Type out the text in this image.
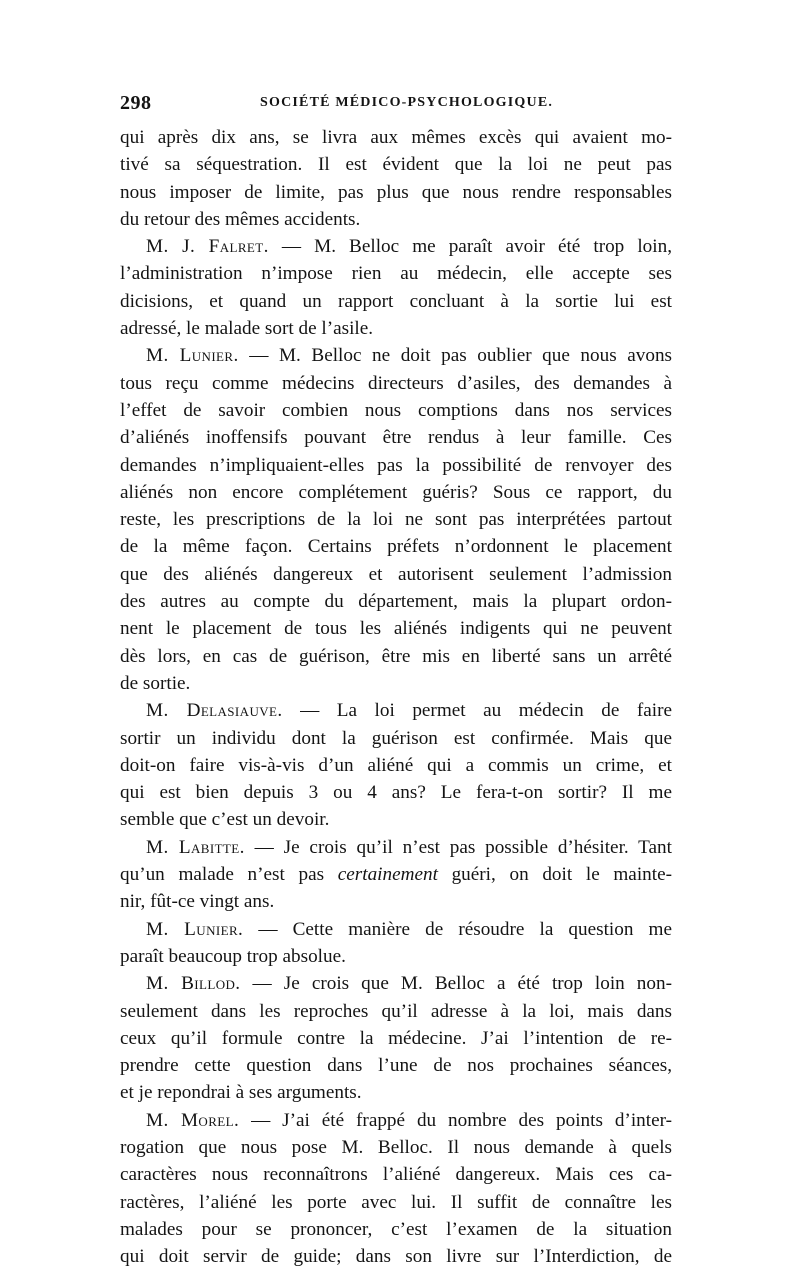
298	SOCIÉTÉ MÉDICO-PSYCHOLOGIQUE.
qui après dix ans, se livra aux mêmes excès qui avaient mo-
tivé sa séquestration. Il est évident que la loi ne peut pas
nous imposer de limite, pas plus que nous rendre responsables
du retour des mêmes accidents.
M. J. Falret. — M. Belloc me paraît avoir été trop loin,
l’administration n’impose rien au médecin, elle accepte ses
dicisions, et quand un rapport concluant à la sortie lui est
adressé, le malade sort de l’asile.
M. Lunier. — M. Belloc ne doit pas oublier que nous avons
tous reçu comme médecins directeurs d’asiles, des demandes à
l’effet de savoir combien nous comptions dans nos services
d’aliénés inoffensifs pouvant être rendus à leur famille. Ces
demandes n’impliquaient-elles pas la possibilité de renvoyer des
aliénés non encore complétement guéris? Sous ce rapport, du
reste, les prescriptions de la loi ne sont pas interprétées partout
de la même façon. Certains préfets n’ordonnent le placement
que des aliénés dangereux et autorisent seulement l’admission
des autres au compte du département, mais la plupart ordon-
nent le placement de tous les aliénés indigents qui ne peuvent
dès lors, en cas de guérison, être mis en liberté sans un arrêté
de sortie.
M. Delasiauve. — La loi permet au médecin de faire
sortir un individu dont la guérison est confirmée. Mais que
doit-on faire vis-à-vis d’un aliéné qui a commis un crime, et
qui est bien depuis 3 ou 4 ans? Le fera-t-on sortir? Il me
semble que c’est un devoir.
M. Labitte. — Je crois qu’il n’est pas possible d’hésiter. Tant
qu’un malade n’est pas certainement guéri, on doit le mainte-
nir, fût-ce vingt ans.
M. Lunier. — Cette manière de résoudre la question me
paraît beaucoup trop absolue.
M. Billod. — Je crois que M. Belloc a été trop loin non-
seulement dans les reproches qu’il adresse à la loi, mais dans
ceux qu’il formule contre la médecine. J’ai l’intention de re-
prendre cette question dans l’une de nos prochaines séances,
et je repondrai à ses arguments.
M. Morel. — J’ai été frappé du nombre des points d’inter-
rogation que nous pose M. Belloc. Il nous demande à quels
caractères nous reconnaîtrons l’aliéné dangereux. Mais ces ca-
ractères, l’aliéné les porte avec lui. Il suffit de connaître les
malades pour se prononcer, c’est l’examen de la situation
qui doit servir de guide; dans son livre sur l’Interdiction, de
